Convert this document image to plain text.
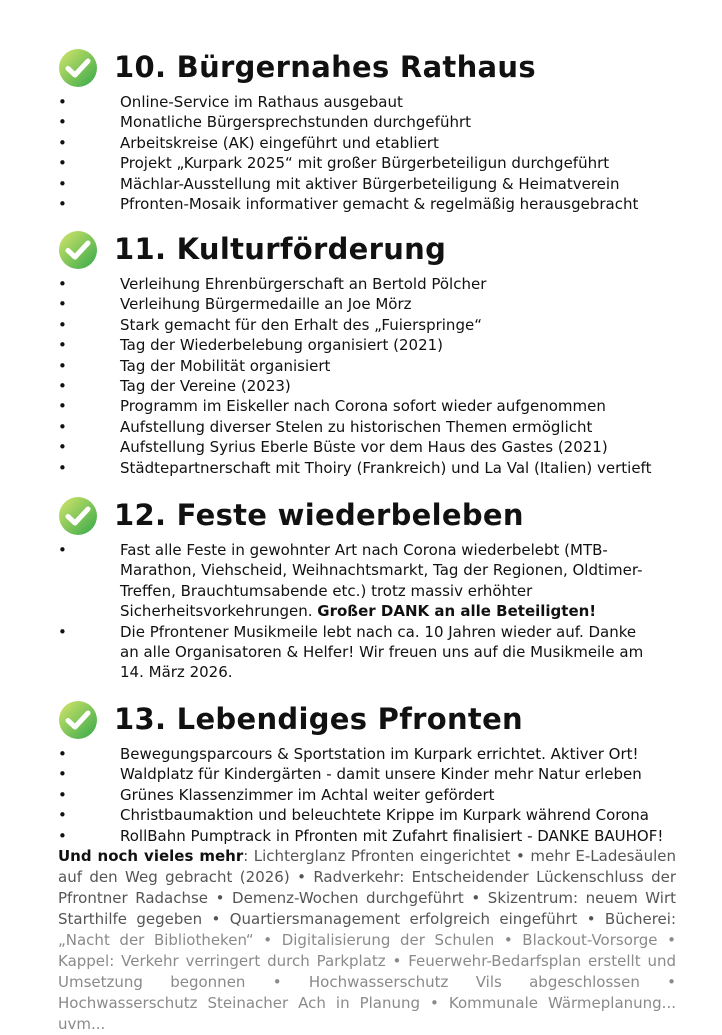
10. Bürgernahes Rathaus
•	Online-Service im Rathaus ausgebaut
•	Monatliche Bürgersprechstunden durchgeführt
•	Arbeitskreise (AK) eingeführt und etabliert
•	Projekt „Kurpark 2025“ mit großer Bürgerbeteiligun durchgeführt
•	Mächlar-Ausstellung mit aktiver Bürgerbeteiligung & Heimatverein
•	Pfronten-Mosaik informativer gemacht & regelmäßig herausgebracht
11. Kulturförderung
•	Verleihung Ehrenbürgerschaft an Bertold Pölcher
•	Verleihung Bürgermedaille an Joe Mörz
•	Stark gemacht für den Erhalt des „Fuierspringe“
•	Tag der Wiederbelebung organisiert (2021)
•	Tag der Mobilität organisiert
•	Tag der Vereine (2023)
•	Programm im Eiskeller nach Corona sofort wieder aufgenommen
•	Aufstellung diverser Stelen zu historischen Themen ermöglicht
•	Aufstellung Syrius Eberle Büste vor dem Haus des Gastes (2021)
•	Städtepartnerschaft mit Thoiry (Frankreich) und La Val (Italien) vertieft
12. Feste wiederbeleben
•	Fast alle Feste in gewohnter Art nach Corona wiederbelebt (MTB-Marathon, Viehscheid, Weihnachtsmarkt, Tag der Regionen, Oldtimer-Treffen, Brauchtumsabende etc.) trotz massiv erhöhter Sicherheitsvorkehrungen. Großer DANK an alle Beteiligten!
•	Die Pfrontener Musikmeile lebt nach ca. 10 Jahren wieder auf. Danke an alle Organisatoren & Helfer! Wir freuen uns auf die Musikmeile am 14. März 2026.
13. Lebendiges Pfronten
•	Bewegungsparcours & Sportstation im Kurpark errichtet. Aktiver Ort!
•	Waldplatz für Kindergärten - damit unsere Kinder mehr Natur erleben
•	Grünes Klassenzimmer im Achtal weiter gefördert
•	Christbaumaktion und beleuchtete Krippe im Kurpark während Corona
•	RollBahn Pumptrack in Pfronten mit Zufahrt finalisiert - DANKE BAUHOF!
Und noch vieles mehr: Lichterglanz Pfronten eingerichtet • mehr E-Ladesäulen auf den Weg gebracht (2026) • Radverkehr: Entscheidender Lückenschluss der Pfrontner Radachse • Demenz-Wochen durchgeführt • Skizentrum: neuem Wirt Starthilfe gegeben • Quartiersmanagement erfolgreich eingeführt • Bücherei: „Nacht der Bibliotheken“ • Digitalisierung der Schulen • Blackout-Vorsorge • Kappel: Verkehr verringert durch Parkplatz • Feuerwehr-Bedarfsplan erstellt und Umsetzung begonnen • Hochwasserschutz Vils abgeschlossen • Hochwasserschutz Steinacher Ach in Planung • Kommunale Wärmeplanung... uvm...
